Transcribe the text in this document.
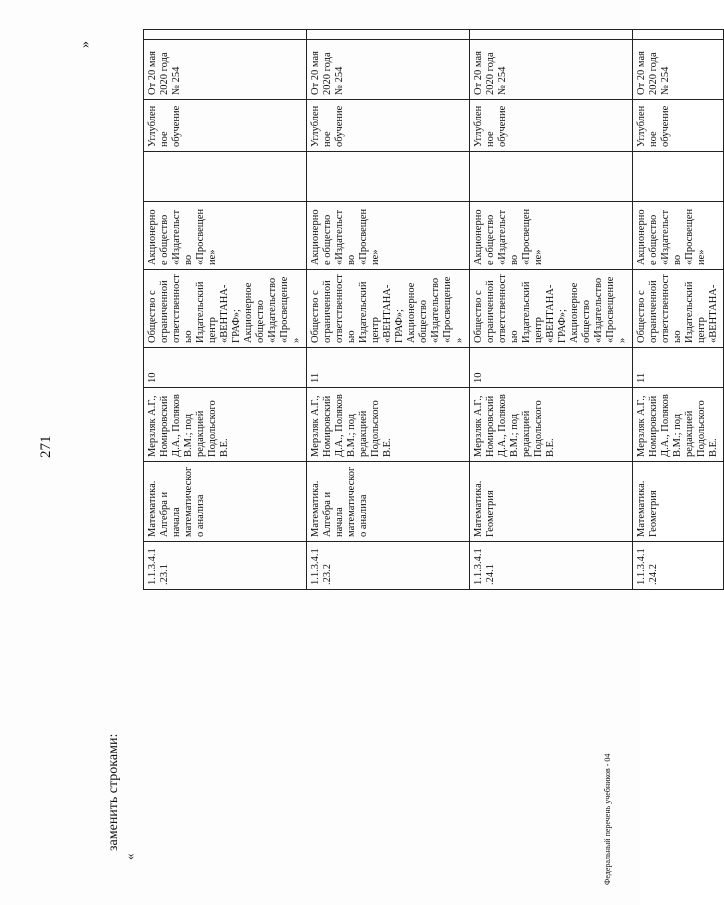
271
»
заменить строками:
«	Федеральный перечень учебников - 04
1.1.3.4.1.23.1	Математика. Алгебра и начала математического анализа	Мерзляк А.Г., Номировский Д.А., Поляков В.М.; под редакцией Подольского В.Е.	10	Общество с ограниченной ответственностью Издательский центр «ВЕНТАНА-ГРАФ»; Акционерное общество «Издательство «Просвещение»	Акционерное общество «Издательство «Просвещение»		Углубленное обучение	От 20 мая 2020 года № 254	
1.1.3.4.1.23.2	Математика. Алгебра и начала математического анализа	Мерзляк А.Г., Номировский Д.А., Поляков В.М.; под редакцией Подольского В.Е.	11	Общество с ограниченной ответственностью Издательский центр «ВЕНТАНА-ГРАФ»; Акционерное общество «Издательство «Просвещение»	Акционерное общество «Издательство «Просвещение»		Углубленное обучение	От 20 мая 2020 года № 254	
1.1.3.4.1.24.1	Математика. Геометрия	Мерзляк А.Г., Номировский Д.А., Поляков В.М.; под редакцией Подольского В.Е.	10	Общество с ограниченной ответственностью Издательский центр «ВЕНТАНА-ГРАФ»; Акционерное общество «Издательство «Просвещение»	Акционерное общество «Издательство «Просвещение»		Углубленное обучение	От 20 мая 2020 года № 254	
1.1.3.4.1.24.2	Математика. Геометрия	Мерзляк А.Г., Номировский Д.А., Поляков В.М.; под редакцией Подольского В.Е.	11	Общество с ограниченной ответственностью Издательский центр «ВЕНТАНА-	Акционерное общество «Издательство «Просвещение»		Углубленное обучение	От 20 мая 2020 года № 254	
